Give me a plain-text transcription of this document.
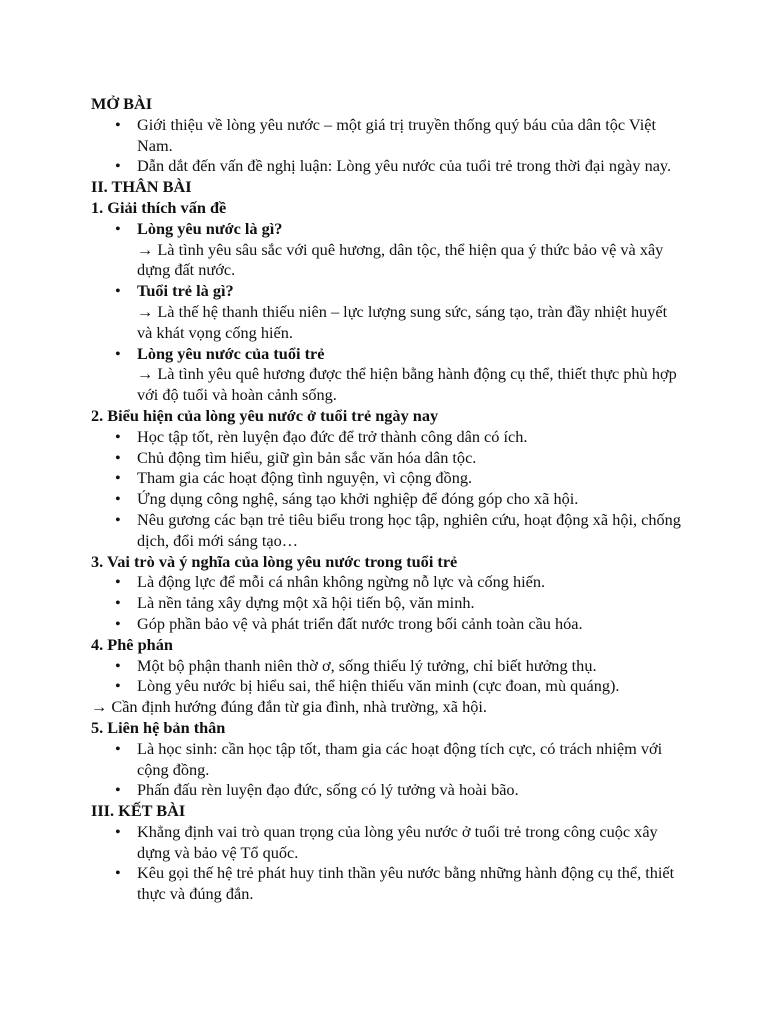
MỞ BÀI
• Giới thiệu về lòng yêu nước – một giá trị truyền thống quý báu của dân tộc Việt Nam.
• Dẫn dắt đến vấn đề nghị luận: Lòng yêu nước của tuổi trẻ trong thời đại ngày nay.
II. THÂN BÀI
1. Giải thích vấn đề
• Lòng yêu nước là gì?
→ Là tình yêu sâu sắc với quê hương, dân tộc, thể hiện qua ý thức bảo vệ và xây dựng đất nước.
• Tuổi trẻ là gì?
→ Là thế hệ thanh thiếu niên – lực lượng sung sức, sáng tạo, tràn đầy nhiệt huyết và khát vọng cống hiến.
• Lòng yêu nước của tuổi trẻ
→ Là tình yêu quê hương được thể hiện bằng hành động cụ thể, thiết thực phù hợp với độ tuổi và hoàn cảnh sống.
2. Biểu hiện của lòng yêu nước ở tuổi trẻ ngày nay
• Học tập tốt, rèn luyện đạo đức để trở thành công dân có ích.
• Chủ động tìm hiểu, giữ gìn bản sắc văn hóa dân tộc.
• Tham gia các hoạt động tình nguyện, vì cộng đồng.
• Ứng dụng công nghệ, sáng tạo khởi nghiệp để đóng góp cho xã hội.
• Nêu gương các bạn trẻ tiêu biểu trong học tập, nghiên cứu, hoạt động xã hội, chống dịch, đổi mới sáng tạo…
3. Vai trò và ý nghĩa của lòng yêu nước trong tuổi trẻ
• Là động lực để mỗi cá nhân không ngừng nỗ lực và cống hiến.
• Là nền tảng xây dựng một xã hội tiến bộ, văn minh.
• Góp phần bảo vệ và phát triển đất nước trong bối cảnh toàn cầu hóa.
4. Phê phán
• Một bộ phận thanh niên thờ ơ, sống thiếu lý tưởng, chỉ biết hưởng thụ.
• Lòng yêu nước bị hiểu sai, thể hiện thiếu văn minh (cực đoan, mù quáng).
→ Cần định hướng đúng đắn từ gia đình, nhà trường, xã hội.
5. Liên hệ bản thân
• Là học sinh: cần học tập tốt, tham gia các hoạt động tích cực, có trách nhiệm với cộng đồng.
• Phấn đấu rèn luyện đạo đức, sống có lý tưởng và hoài bão.
III. KẾT BÀI
• Khẳng định vai trò quan trọng của lòng yêu nước ở tuổi trẻ trong công cuộc xây dựng và bảo vệ Tổ quốc.
• Kêu gọi thế hệ trẻ phát huy tinh thần yêu nước bằng những hành động cụ thể, thiết thực và đúng đắn.
